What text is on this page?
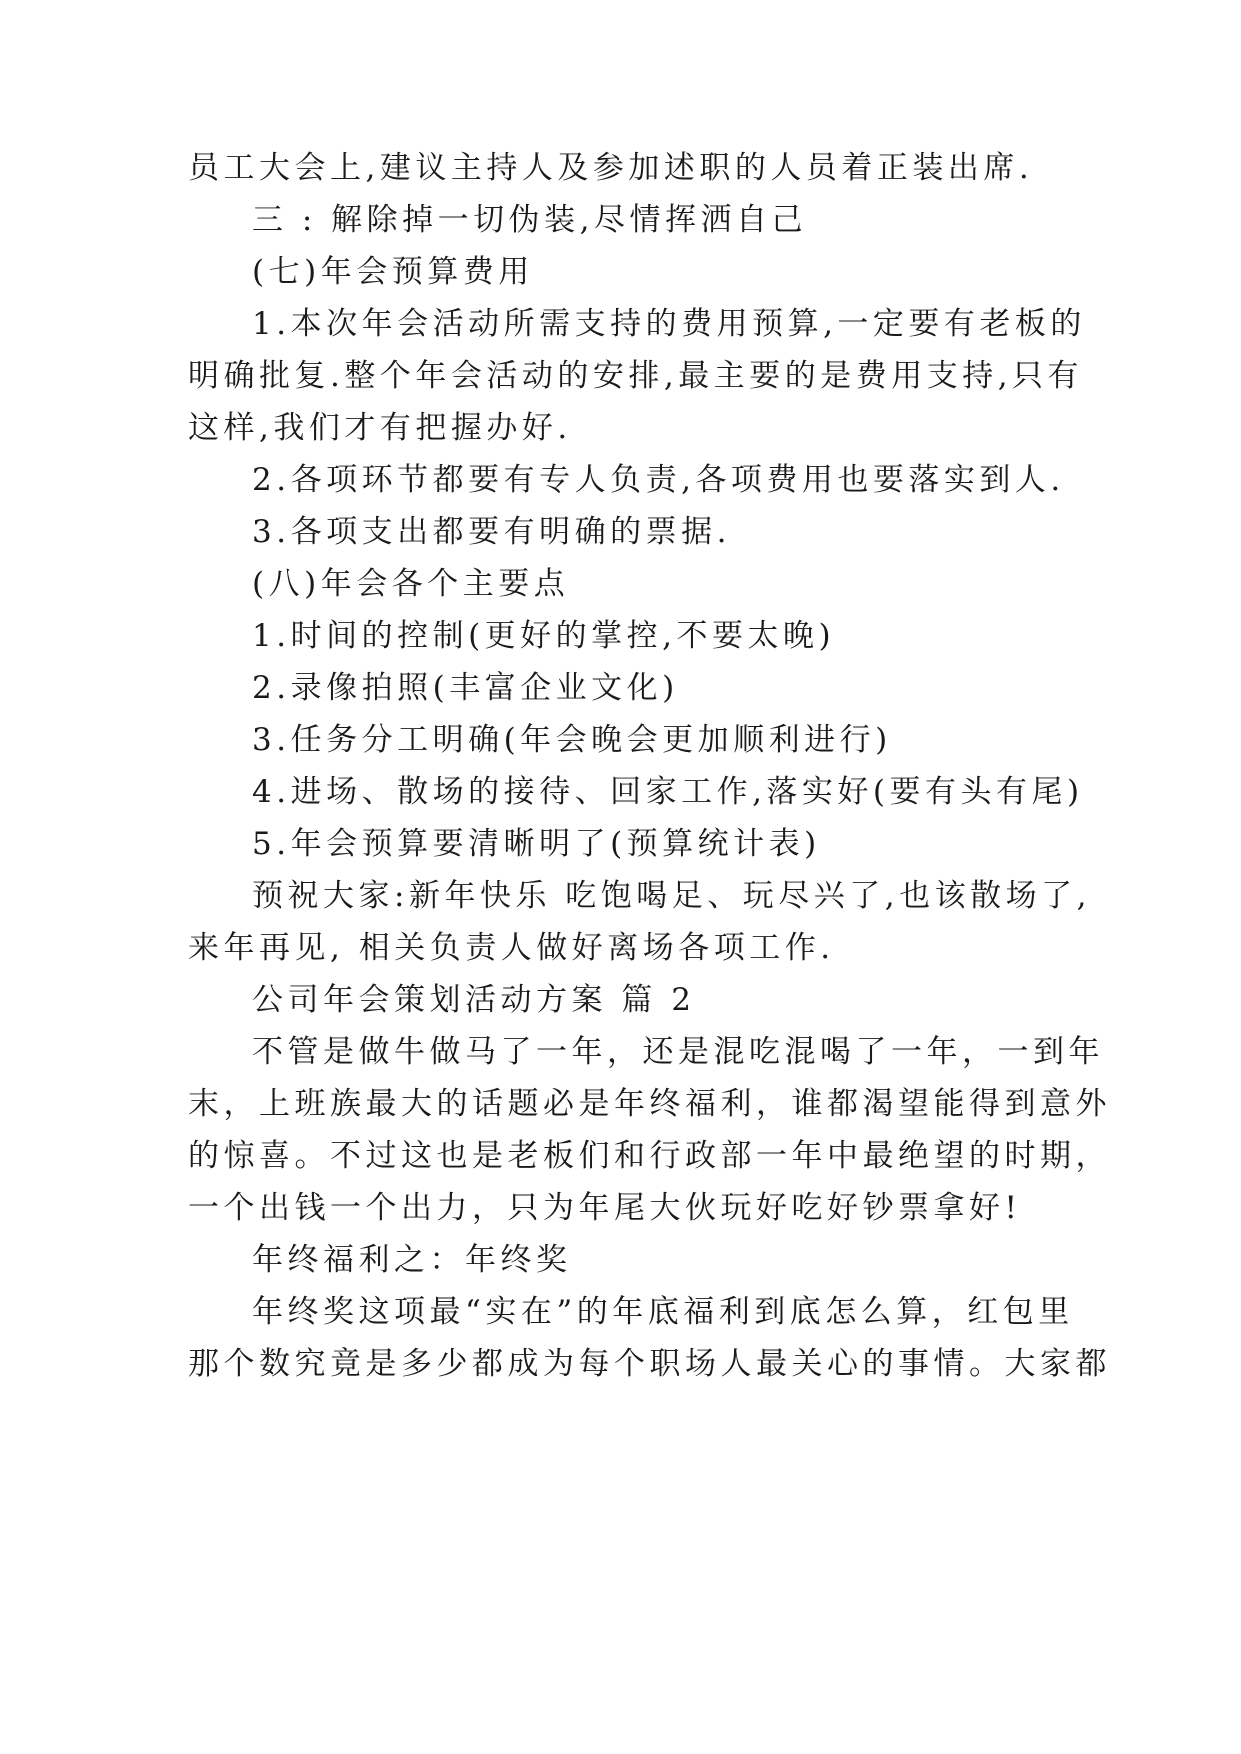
员工大会上,建议主持人及参加述职的人员着正装出席.
三 : 解除掉一切伪装,尽情挥洒自己
(七)年会预算费用
1.本次年会活动所需支持的费用预算,一定要有老板的
明确批复.整个年会活动的安排,最主要的是费用支持,只有
这样,我们才有把握办好.
2.各项环节都要有专人负责,各项费用也要落实到人.
3.各项支出都要有明确的票据.
(八)年会各个主要点
1.时间的控制(更好的掌控,不要太晚)
2.录像拍照(丰富企业文化)
3.任务分工明确(年会晚会更加顺利进行)
4.进场、散场的接待、回家工作,落实好(要有头有尾)
5.年会预算要清晰明了(预算统计表)
预祝大家:新年快乐 吃饱喝足、玩尽兴了,也该散场了,
来年再见, 相关负责人做好离场各项工作.
公司年会策划活动方案 篇 2
不管是做牛做马了一年，还是混吃混喝了一年，一到年
末，上班族最大的话题必是年终福利，谁都渴望能得到意外
的惊喜。不过这也是老板们和行政部一年中最绝望的时期，
一个出钱一个出力，只为年尾大伙玩好吃好钞票拿好!
年终福利之：年终奖
年终奖这项最“实在”的年底福利到底怎么算，红包里
那个数究竟是多少都成为每个职场人最关心的事情。大家都
